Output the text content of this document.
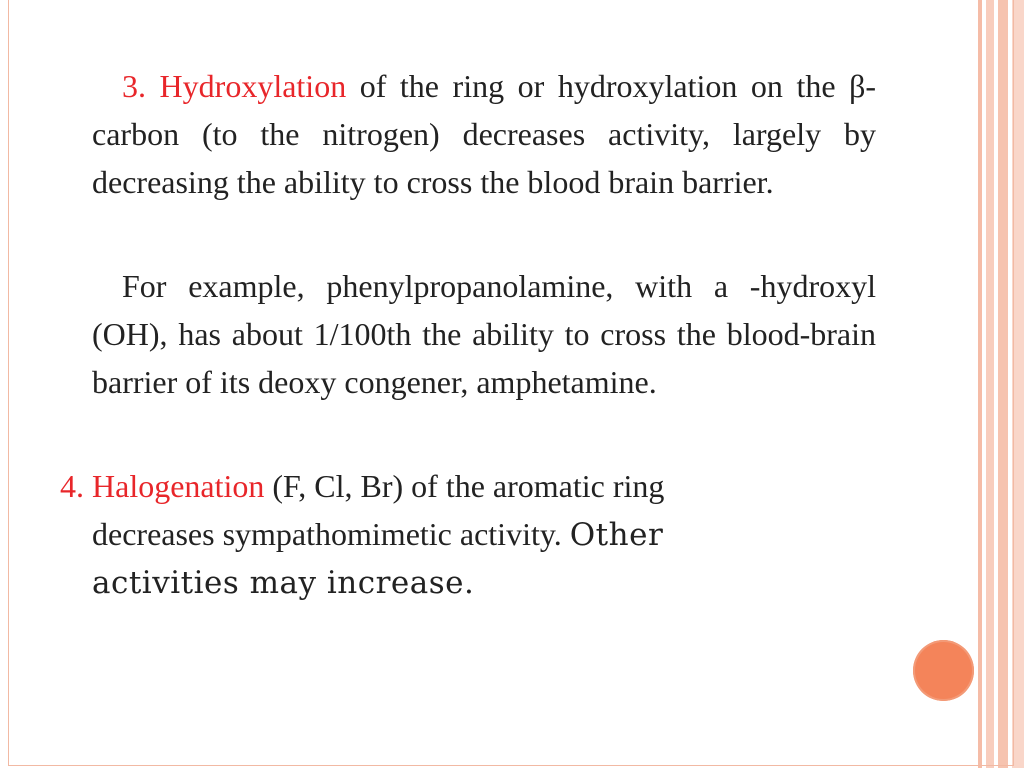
3. Hydroxylation of the ring or hydroxylation on the β-carbon (to the nitrogen) decreases activity, largely by decreasing the ability to cross the blood brain barrier.
For example, phenylpropanolamine, with a -hydroxyl (OH), has about 1/100th the ability to cross the blood-brain barrier of its deoxy congener, amphetamine.
4. Halogenation (F, Cl, Br) of the aromatic ring
decreases sympathomimetic activity. Other
activities may increase.
